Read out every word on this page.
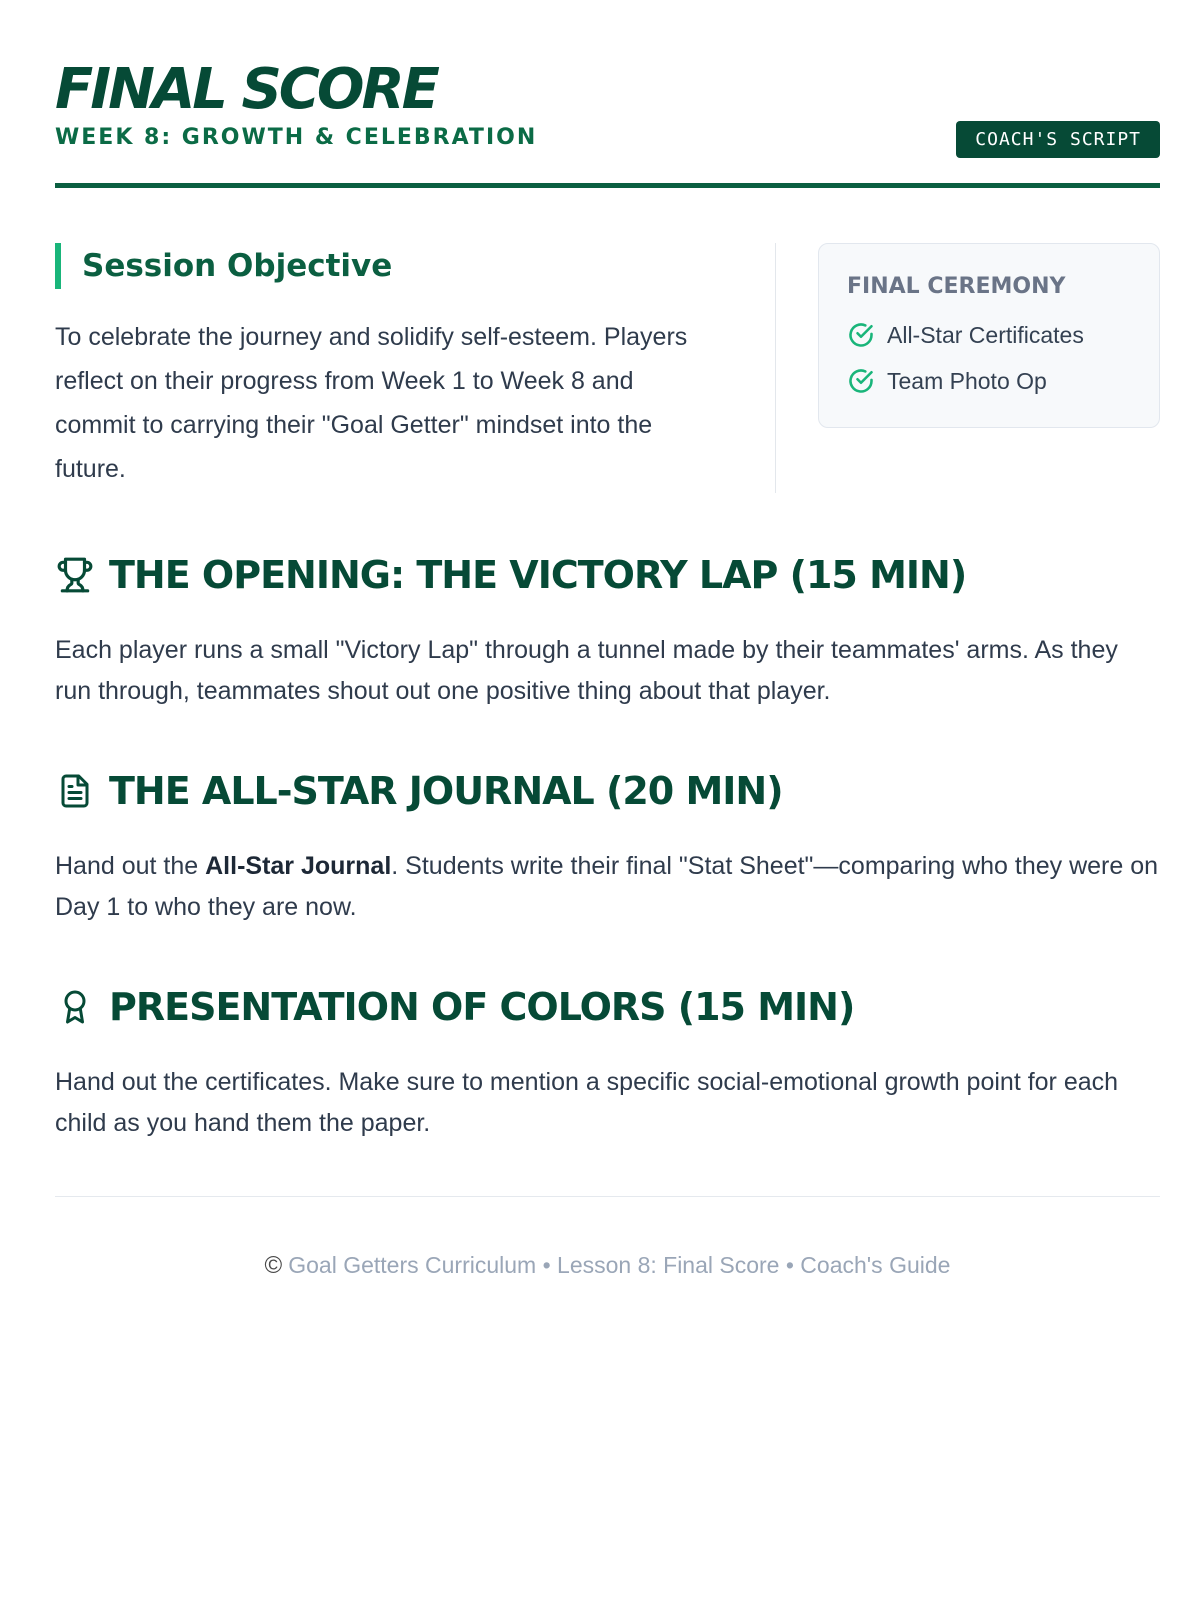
FINAL SCORE
WEEK 8: GROWTH & CELEBRATION	COACH'S SCRIPT
Session Objective
To celebrate the journey and solidify self-esteem. Players reflect on their progress from Week 1 to Week 8 and commit to carrying their "Goal Getter" mindset into the future.
FINAL CEREMONY
All-Star Certificates
Team Photo Op
THE OPENING: THE VICTORY LAP (15 MIN)
Each player runs a small "Victory Lap" through a tunnel made by their teammates' arms. As they run through, teammates shout out one positive thing about that player.
THE ALL-STAR JOURNAL (20 MIN)
Hand out the All-Star Journal. Students write their final "Stat Sheet"—comparing who they were on Day 1 to who they are now.
PRESENTATION OF COLORS (15 MIN)
Hand out the certificates. Make sure to mention a specific social-emotional growth point for each child as you hand them the paper.
© Goal Getters Curriculum • Lesson 8: Final Score • Coach's Guide
